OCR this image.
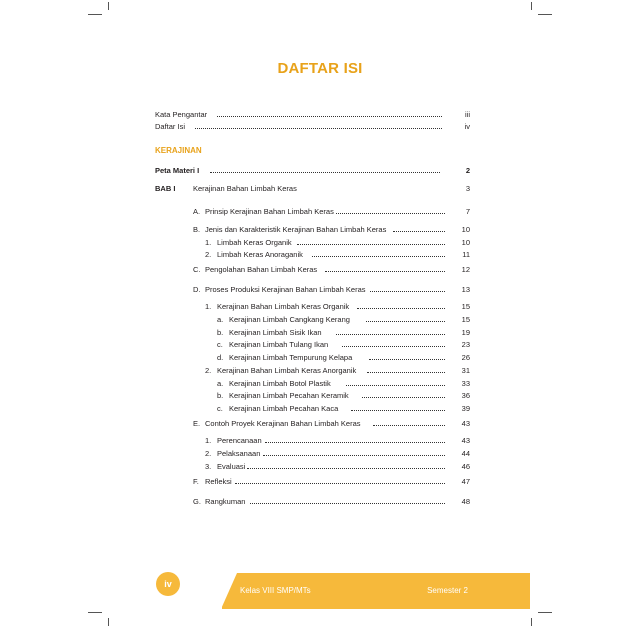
DAFTAR ISI
Kata Pengantar	iii
Daftar Isi	iv
KERAJINAN
Peta Materi I	2
BAB I Kerajinan Bahan Limbah Keras	3
A. Prinsip Kerajinan Bahan Limbah Keras	7
B. Jenis dan Karakteristik Kerajinan Bahan Limbah Keras	10
1. Limbah Keras Organik	10
2. Limbah Keras Anoraganik	11
C. Pengolahan Bahan Limbah Keras	12
D. Proses Produksi Kerajinan Bahan Limbah Keras	13
1. Kerajinan Bahan Limbah Keras Organik	15
a. Kerajinan Limbah Cangkang Kerang	15
b. Kerajinan Limbah Sisik Ikan	19
c. Kerajinan Limbah Tulang Ikan	23
d. Kerajinan Limbah Tempurung Kelapa	26
2. Kerajinan Bahan Limbah Keras Anorganik	31
a. Kerajinan Limbah Botol Plastik	33
b. Kerajinan Limbah Pecahan Keramik	36
c. Kerajinan Limbah Pecahan Kaca	39
E. Contoh Proyek Kerajinan Bahan Limbah Keras	43
1. Perencanaan	43
2. Pelaksanaan	44
3. Evaluasi	46
F. Refleksi	47
G. Rangkuman	48
iv
Kelas VIII SMP/MTs	Semester 2
